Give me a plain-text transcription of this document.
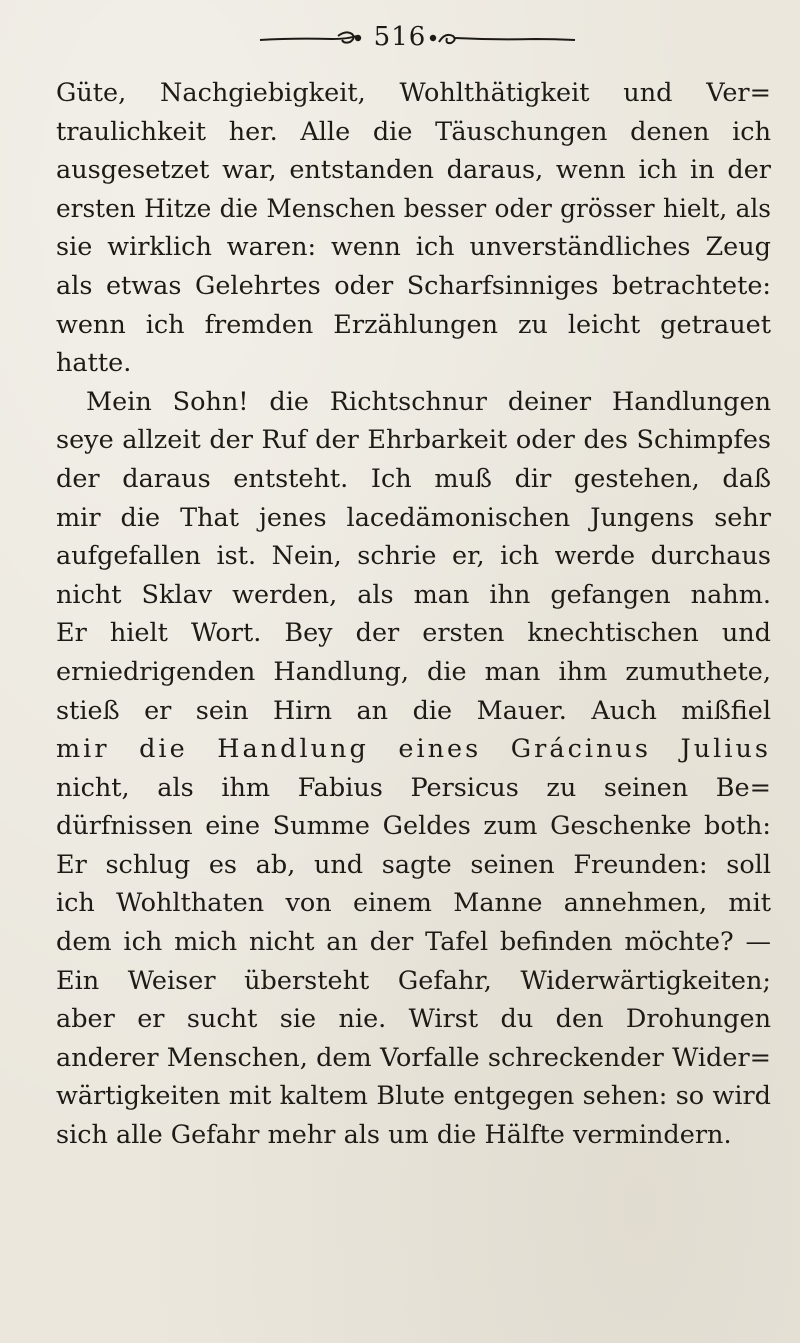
516
Güte, Nachgiebigkeit, Wohlthätigkeit und Ver=
traulichkeit her. Alle die Täuschungen denen ich
ausgesetzet war, entstanden daraus, wenn ich in der
ersten Hitze die Menschen besser oder grösser hielt, als
sie wirklich waren: wenn ich unverständliches Zeug
als etwas Gelehrtes oder Scharfsinniges betrachtete:
wenn ich fremden Erzählungen zu leicht getrauet
hatte.
Mein Sohn! die Richtschnur deiner Handlungen
seye allzeit der Ruf der Ehrbarkeit oder des Schimpfes
der daraus entsteht. Ich muß dir gestehen, daß
mir die That jenes lacedämonischen Jungens sehr
aufgefallen ist. Nein, schrie er, ich werde durchaus
nicht Sklav werden, als man ihn gefangen nahm.
Er hielt Wort. Bey der ersten knechtischen und
erniedrigenden Handlung, die man ihm zumuthete,
stieß er sein Hirn an die Mauer. Auch mißfiel
mir die Handlung eines Grácinus Julius
nicht, als ihm Fabius Persicus zu seinen Be=
dürfnissen eine Summe Geldes zum Geschenke both:
Er schlug es ab, und sagte seinen Freunden: soll
ich Wohlthaten von einem Manne annehmen, mit
dem ich mich nicht an der Tafel befinden möchte? —
Ein Weiser übersteht Gefahr, Widerwärtigkeiten;
aber er sucht sie nie. Wirst du den Drohungen
anderer Menschen, dem Vorfalle schreckender Wider=
wärtigkeiten mit kaltem Blute entgegen sehen: so wird
sich alle Gefahr mehr als um die Hälfte vermindern.
